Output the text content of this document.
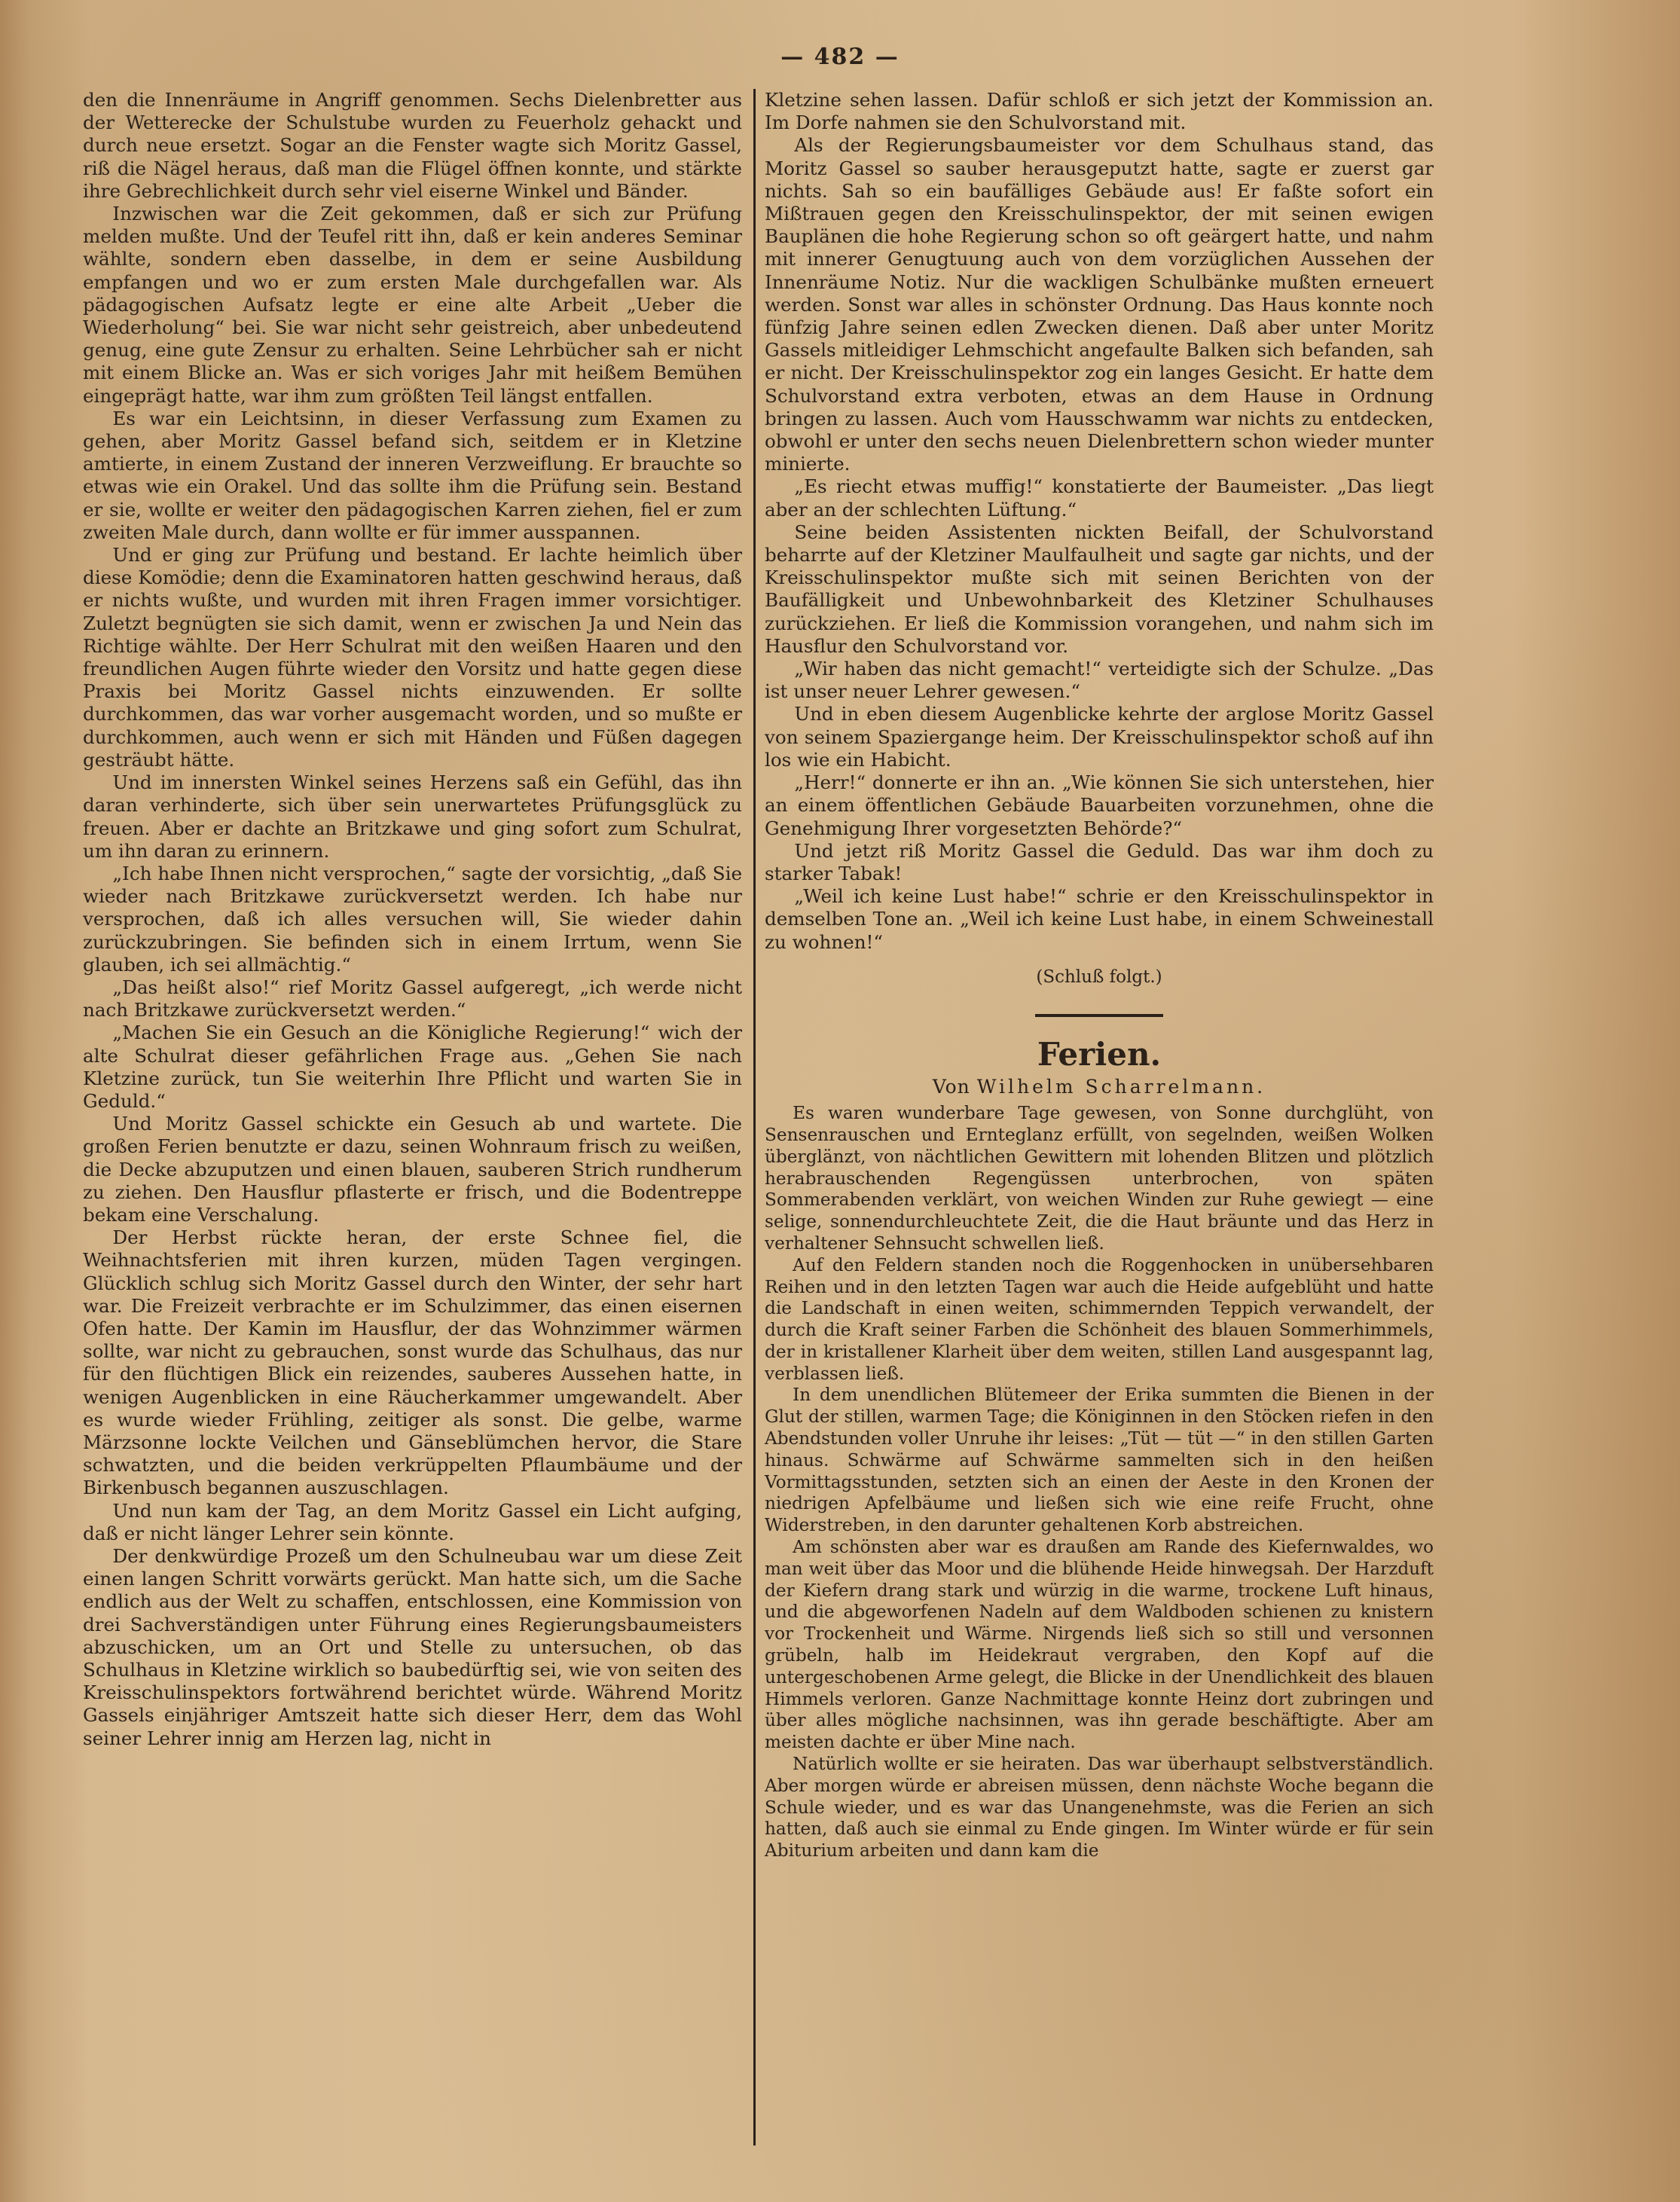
— 482 —

den die Innenräume in Angriff genommen. Sechs Dielenbretter aus der Wetterecke der Schulstube wurden zu Feuerholz gehackt und durch neue ersetzt. Sogar an die Fenster wagte sich Moritz Gassel, riß die Nägel heraus, daß man die Flügel öffnen konnte, und stärkte ihre Gebrechlichkeit durch sehr viel eiserne Winkel und Bänder.

Inzwischen war die Zeit gekommen, daß er sich zur Prüfung melden mußte. Und der Teufel ritt ihn, daß er kein anderes Seminar wählte, sondern eben dasselbe, in dem er seine Ausbildung empfangen und wo er zum ersten Male durchgefallen war. Als pädagogischen Aufsatz legte er eine alte Arbeit „Ueber die Wiederholung“ bei. Sie war nicht sehr geistreich, aber unbedeutend genug, eine gute Zensur zu erhalten. Seine Lehrbücher sah er nicht mit einem Blicke an. Was er sich voriges Jahr mit heißem Bemühen eingeprägt hatte, war ihm zum größten Teil längst entfallen.

Es war ein Leichtsinn, in dieser Verfassung zum Examen zu gehen, aber Moritz Gassel befand sich, seitdem er in Kletzine amtierte, in einem Zustand der inneren Verzweiflung. Er brauchte so etwas wie ein Orakel. Und das sollte ihm die Prüfung sein. Bestand er sie, wollte er weiter den pädagogischen Karren ziehen, fiel er zum zweiten Male durch, dann wollte er für immer ausspannen.

Und er ging zur Prüfung und bestand. Er lachte heimlich über diese Komödie; denn die Examinatoren hatten geschwind heraus, daß er nichts wußte, und wurden mit ihren Fragen immer vorsichtiger. Zuletzt begnügten sie sich damit, wenn er zwischen Ja und Nein das Richtige wählte. Der Herr Schulrat mit den weißen Haaren und den freundlichen Augen führte wieder den Vorsitz und hatte gegen diese Praxis bei Moritz Gassel nichts einzuwenden. Er sollte durchkommen, das war vorher ausgemacht worden, und so mußte er durchkommen, auch wenn er sich mit Händen und Füßen dagegen gesträubt hätte.

Und im innersten Winkel seines Herzens saß ein Gefühl, das ihn daran verhinderte, sich über sein unerwartetes Prüfungsglück zu freuen. Aber er dachte an Britzkawe und ging sofort zum Schulrat, um ihn daran zu erinnern.

„Ich habe Ihnen nicht versprochen,“ sagte der vorsichtig, „daß Sie wieder nach Britzkawe zurückversetzt werden. Ich habe nur versprochen, daß ich alles versuchen will, Sie wieder dahin zurückzubringen. Sie befinden sich in einem Irrtum, wenn Sie glauben, ich sei allmächtig.“

„Das heißt also!“ rief Moritz Gassel aufgeregt, „ich werde nicht nach Britzkawe zurückversetzt werden.“

„Machen Sie ein Gesuch an die Königliche Regierung!“ wich der alte Schulrat dieser gefährlichen Frage aus. „Gehen Sie nach Kletzine zurück, tun Sie weiterhin Ihre Pflicht und warten Sie in Geduld.“

Und Moritz Gassel schickte ein Gesuch ab und wartete. Die großen Ferien benutzte er dazu, seinen Wohnraum frisch zu weißen, die Decke abzuputzen und einen blauen, sauberen Strich rundherum zu ziehen. Den Hausflur pflasterte er frisch, und die Bodentreppe bekam eine Verschalung.

Der Herbst rückte heran, der erste Schnee fiel, die Weihnachtsferien mit ihren kurzen, müden Tagen vergingen. Glücklich schlug sich Moritz Gassel durch den Winter, der sehr hart war. Die Freizeit verbrachte er im Schulzimmer, das einen eisernen Ofen hatte. Der Kamin im Hausflur, der das Wohnzimmer wärmen sollte, war nicht zu gebrauchen, sonst wurde das Schulhaus, das nur für den flüchtigen Blick ein reizendes, sauberes Aussehen hatte, in wenigen Augenblicken in eine Räucherkammer umgewandelt. Aber es wurde wieder Frühling, zeitiger als sonst. Die gelbe, warme Märzsonne lockte Veilchen und Gänseblümchen hervor, die Stare schwatzten, und die beiden verkrüppelten Pflaumbäume und der Birkenbusch begannen auszuschlagen.

Und nun kam der Tag, an dem Moritz Gassel ein Licht aufging, daß er nicht länger Lehrer sein könnte.

Der denkwürdige Prozeß um den Schulneubau war um diese Zeit einen langen Schritt vorwärts gerückt. Man hatte sich, um die Sache endlich aus der Welt zu schaffen, entschlossen, eine Kommission von drei Sachverständigen unter Führung eines Regierungsbaumeisters abzuschicken, um an Ort und Stelle zu untersuchen, ob das Schulhaus in Kletzine wirklich so baubedürftig sei, wie von seiten des Kreisschulinspektors fortwährend berichtet würde. Während Moritz Gassels einjähriger Amtszeit hatte sich dieser Herr, dem das Wohl seiner Lehrer innig am Herzen lag, nicht in

Kletzine sehen lassen. Dafür schloß er sich jetzt der Kommission an. Im Dorfe nahmen sie den Schulvorstand mit.

Als der Regierungsbaumeister vor dem Schulhaus stand, das Moritz Gassel so sauber herausgeputzt hatte, sagte er zuerst gar nichts. Sah so ein baufälliges Gebäude aus! Er faßte sofort ein Mißtrauen gegen den Kreisschulinspektor, der mit seinen ewigen Bauplänen die hohe Regierung schon so oft geärgert hatte, und nahm mit innerer Genugtuung auch von dem vorzüglichen Aussehen der Innenräume Notiz. Nur die wackligen Schulbänke mußten erneuert werden. Sonst war alles in schönster Ordnung. Das Haus konnte noch fünfzig Jahre seinen edlen Zwecken dienen. Daß aber unter Moritz Gassels mitleidiger Lehmschicht angefaulte Balken sich befanden, sah er nicht. Der Kreisschulinspektor zog ein langes Gesicht. Er hatte dem Schulvorstand extra verboten, etwas an dem Hause in Ordnung bringen zu lassen. Auch vom Hausschwamm war nichts zu entdecken, obwohl er unter den sechs neuen Dielenbrettern schon wieder munter minierte.

„Es riecht etwas muffig!“ konstatierte der Baumeister. „Das liegt aber an der schlechten Lüftung.“

Seine beiden Assistenten nickten Beifall, der Schulvorstand beharrte auf der Kletziner Maulfaulheit und sagte gar nichts, und der Kreisschulinspektor mußte sich mit seinen Berichten von der Baufälligkeit und Unbewohnbarkeit des Kletziner Schulhauses zurückziehen. Er ließ die Kommission vorangehen, und nahm sich im Hausflur den Schulvorstand vor.

„Wir haben das nicht gemacht!“ verteidigte sich der Schulze. „Das ist unser neuer Lehrer gewesen.“

Und in eben diesem Augenblicke kehrte der arglose Moritz Gassel von seinem Spaziergange heim. Der Kreisschulinspektor schoß auf ihn los wie ein Habicht.

„Herr!“ donnerte er ihn an. „Wie können Sie sich unterstehen, hier an einem öffentlichen Gebäude Bauarbeiten vorzunehmen, ohne die Genehmigung Ihrer vorgesetzten Behörde?“

Und jetzt riß Moritz Gassel die Geduld. Das war ihm doch zu starker Tabak!

„Weil ich keine Lust habe!“ schrie er den Kreisschulinspektor in demselben Tone an. „Weil ich keine Lust habe, in einem Schweinestall zu wohnen!“

(Schluß folgt.)

Ferien.
Von Wilhelm Scharrelmann.

Es waren wunderbare Tage gewesen, von Sonne durchglüht, von Sensenrauschen und Ernteglanz erfüllt, von segelnden, weißen Wolken überglänzt, von nächtlichen Gewittern mit lohenden Blitzen und plötzlich herabrauschenden Regengüssen unterbrochen, von späten Sommerabenden verklärt, von weichen Winden zur Ruhe gewiegt — eine selige, sonnendurchleuchtete Zeit, die die Haut bräunte und das Herz in verhaltener Sehnsucht schwellen ließ.

Auf den Feldern standen noch die Roggenhocken in unübersehbaren Reihen und in den letzten Tagen war auch die Heide aufgeblüht und hatte die Landschaft in einen weiten, schimmernden Teppich verwandelt, der durch die Kraft seiner Farben die Schönheit des blauen Sommerhimmels, der in kristallener Klarheit über dem weiten, stillen Land ausgespannt lag, verblassen ließ.

In dem unendlichen Blütemeer der Erika summten die Bienen in der Glut der stillen, warmen Tage; die Königinnen in den Stöcken riefen in den Abendstunden voller Unruhe ihr leises: „Tüt — tüt —“ in den stillen Garten hinaus. Schwärme auf Schwärme sammelten sich in den heißen Vormittagsstunden, setzten sich an einen der Aeste in den Kronen der niedrigen Apfelbäume und ließen sich wie eine reife Frucht, ohne Widerstreben, in den darunter gehaltenen Korb abstreichen.

Am schönsten aber war es draußen am Rande des Kiefernwaldes, wo man weit über das Moor und die blühende Heide hinwegsah. Der Harzduft der Kiefern drang stark und würzig in die warme, trockene Luft hinaus, und die abgeworfenen Nadeln auf dem Waldboden schienen zu knistern vor Trockenheit und Wärme. Nirgends ließ sich so still und versonnen grübeln, halb im Heidekraut vergraben, den Kopf auf die untergeschobenen Arme gelegt, die Blicke in der Unendlichkeit des blauen Himmels verloren. Ganze Nachmittage konnte Heinz dort zubringen und über alles mögliche nachsinnen, was ihn gerade beschäftigte. Aber am meisten dachte er über Mine nach.

Natürlich wollte er sie heiraten. Das war überhaupt selbstverständlich. Aber morgen würde er abreisen müssen, denn nächste Woche begann die Schule wieder, und es war das Unangenehmste, was die Ferien an sich hatten, daß auch sie einmal zu Ende gingen. Im Winter würde er für sein Abiturium arbeiten und dann kam die
